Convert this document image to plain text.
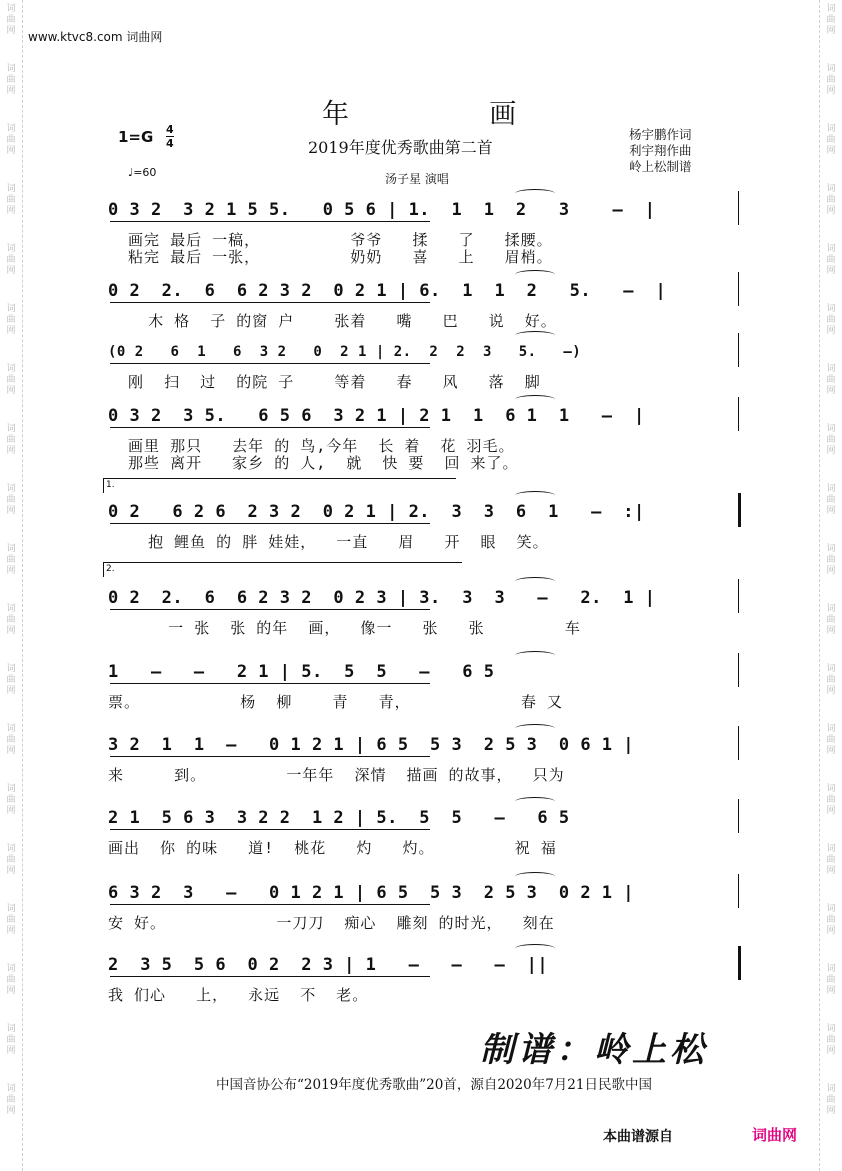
词
曲
网
词
曲
网
词
曲
网
词
曲
网
词
曲
网
词
曲
网
词
曲
网
词
曲
网
词
曲
网
词
曲
网
词
曲
网
词
曲
网
词
曲
网
词
曲
网
词
曲
网
词
曲
网
词
曲
网
词
曲
网
词
曲
网
词
曲
网
词
曲
网
词
曲
网
词
曲
网
词
曲
网
词
曲
网
词
曲
网
词
曲
网
词
曲
网
词
曲
网
词
曲
网
词
曲
网
词
曲
网
词
曲
网
词
曲
网
词
曲
网
词
曲
网
词
曲
网
词
曲
网
www.ktvc8.com 词曲网
年	画
2019年度优秀歌曲第二首
1=G 4
4
♩=60	汤子星 演唱
杨宇鹏作词
利宇翔作曲
岭上松制谱
0 3 2  3 2 1 5 5.   0 5 6 | 1.  1  1  2   3    –  |
画完 最后 一稿，         爷爷   揉   了   揉腰。
粘完 最后 一张，         奶奶   喜   上   眉梢。
0 2  2.  6  6 2 3 2  0 2 1 | 6.  1  1  2   5.   –  |
木 格  子 的窗 户    张着   嘴   巴   说  好。
(0 2   6  1   6  3 2   0  2 1 | 2.  2  2  3   5.   –)
刚  扫  过  的院 子    等着   春   风   落  脚
0 3 2  3 5.   6 5 6  3 2 1 | 2 1  1  6 1  1   –  |
画里 那只   去年 的 鸟,今年  长 着  花 羽毛。
那些 离开   家乡 的 人,  就  快 要  回 来了。
0 2   6 2 6  2 3 2  0 2 1 | 2.  3  3  6  1   –  :|
抱 鲤鱼 的 胖 娃娃，  一直   眉   开  眼  笑。
0 2  2.  6  6 2 3 2  0 2 3 | 3.  3  3   –   2.  1 |
一 张  张 的年  画，  像一   张   张        车
1   –   –   2 1 | 5.  5  5   –   6 5
票。          杨  柳    青   青，           春 又
3 2  1  1  –   0 1 2 1 | 6 5  5 3  2 5 3  0 6 1 |
来     到。        一年年  深情  描画 的故事，  只为
2 1  5 6 3  3 2 2  1 2 | 5.  5  5   –   6 5
画出  你 的味   道!  桃花   灼   灼。        祝 福
6 3 2  3   –   0 1 2 1 | 6 5  5 3  2 5 3  0 2 1 |
安 好。           一刀刀  痴心  雕刻 的时光，  刻在
2  3 5  5 6  0 2  2 3 | 1   –   –   –  ||
我 们心   上，  永远  不  老。
1.
2.
制谱：岭上松
中国音协公布“2019年度优秀歌曲”20首，源自2020年7月21日民歌中国
本曲谱源自	词曲网
